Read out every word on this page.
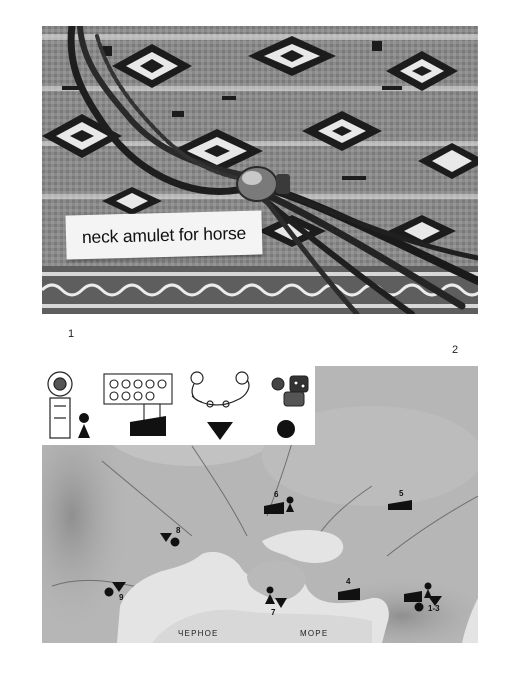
neck amulet for horse
1
2
6	5
8
9
7
4
1-3
ЧЕРНОЕ	МОРЕ
